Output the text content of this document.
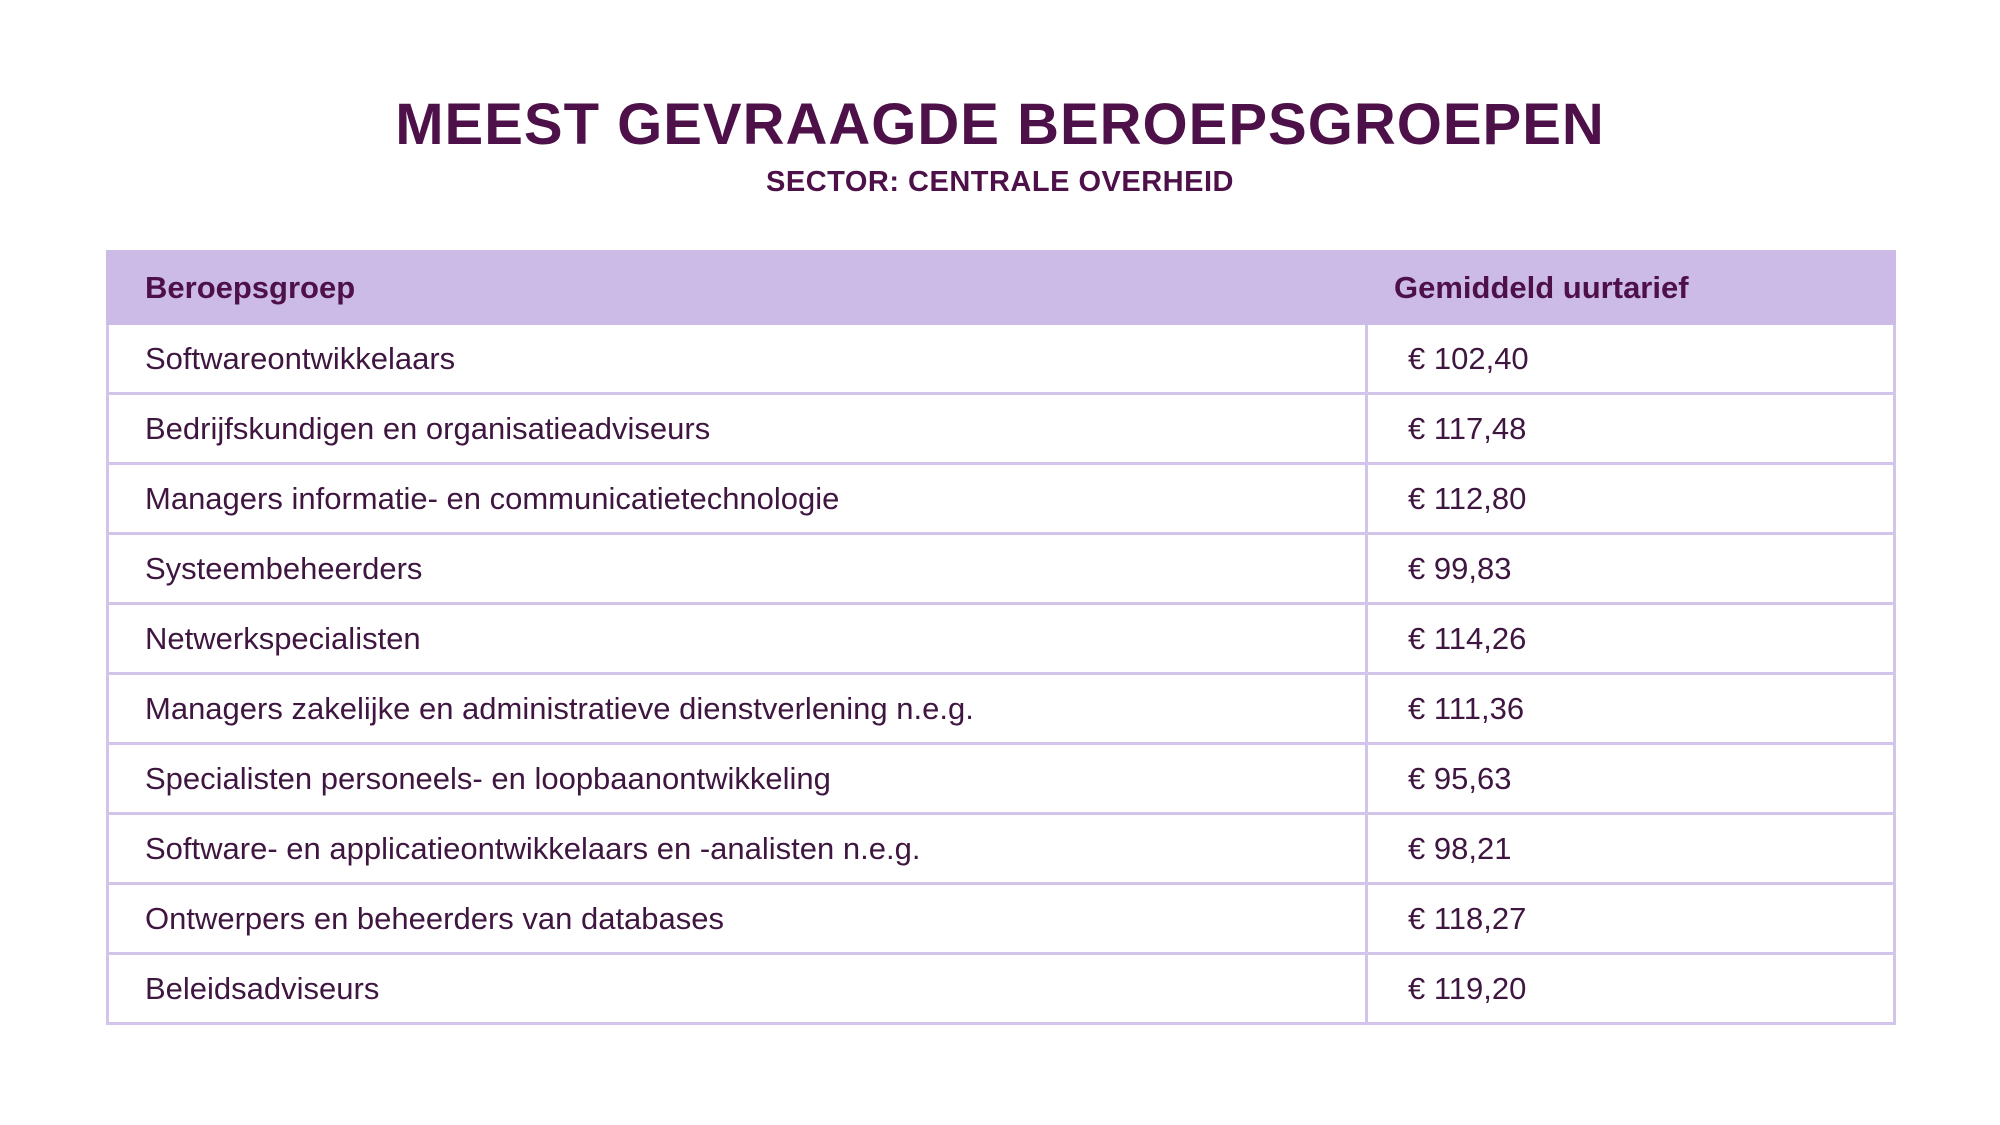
MEEST GEVRAAGDE BEROEPSGROEPEN
SECTOR: CENTRALE OVERHEID
Beroepsgroep	Gemiddeld uurtarief
Softwareontwikkelaars	€ 102,40
Bedrijfskundigen en organisatieadviseurs	€ 117,48
Managers informatie- en communicatietechnologie	€ 112,80
Systeembeheerders	€ 99,83
Netwerkspecialisten	€ 114,26
Managers zakelijke en administratieve dienstverlening n.e.g.	€ 111,36
Specialisten personeels- en loopbaanontwikkeling	€ 95,63
Software- en applicatieontwikkelaars en -analisten n.e.g.	€ 98,21
Ontwerpers en beheerders van databases	€ 118,27
Beleidsadviseurs	€ 119,20
